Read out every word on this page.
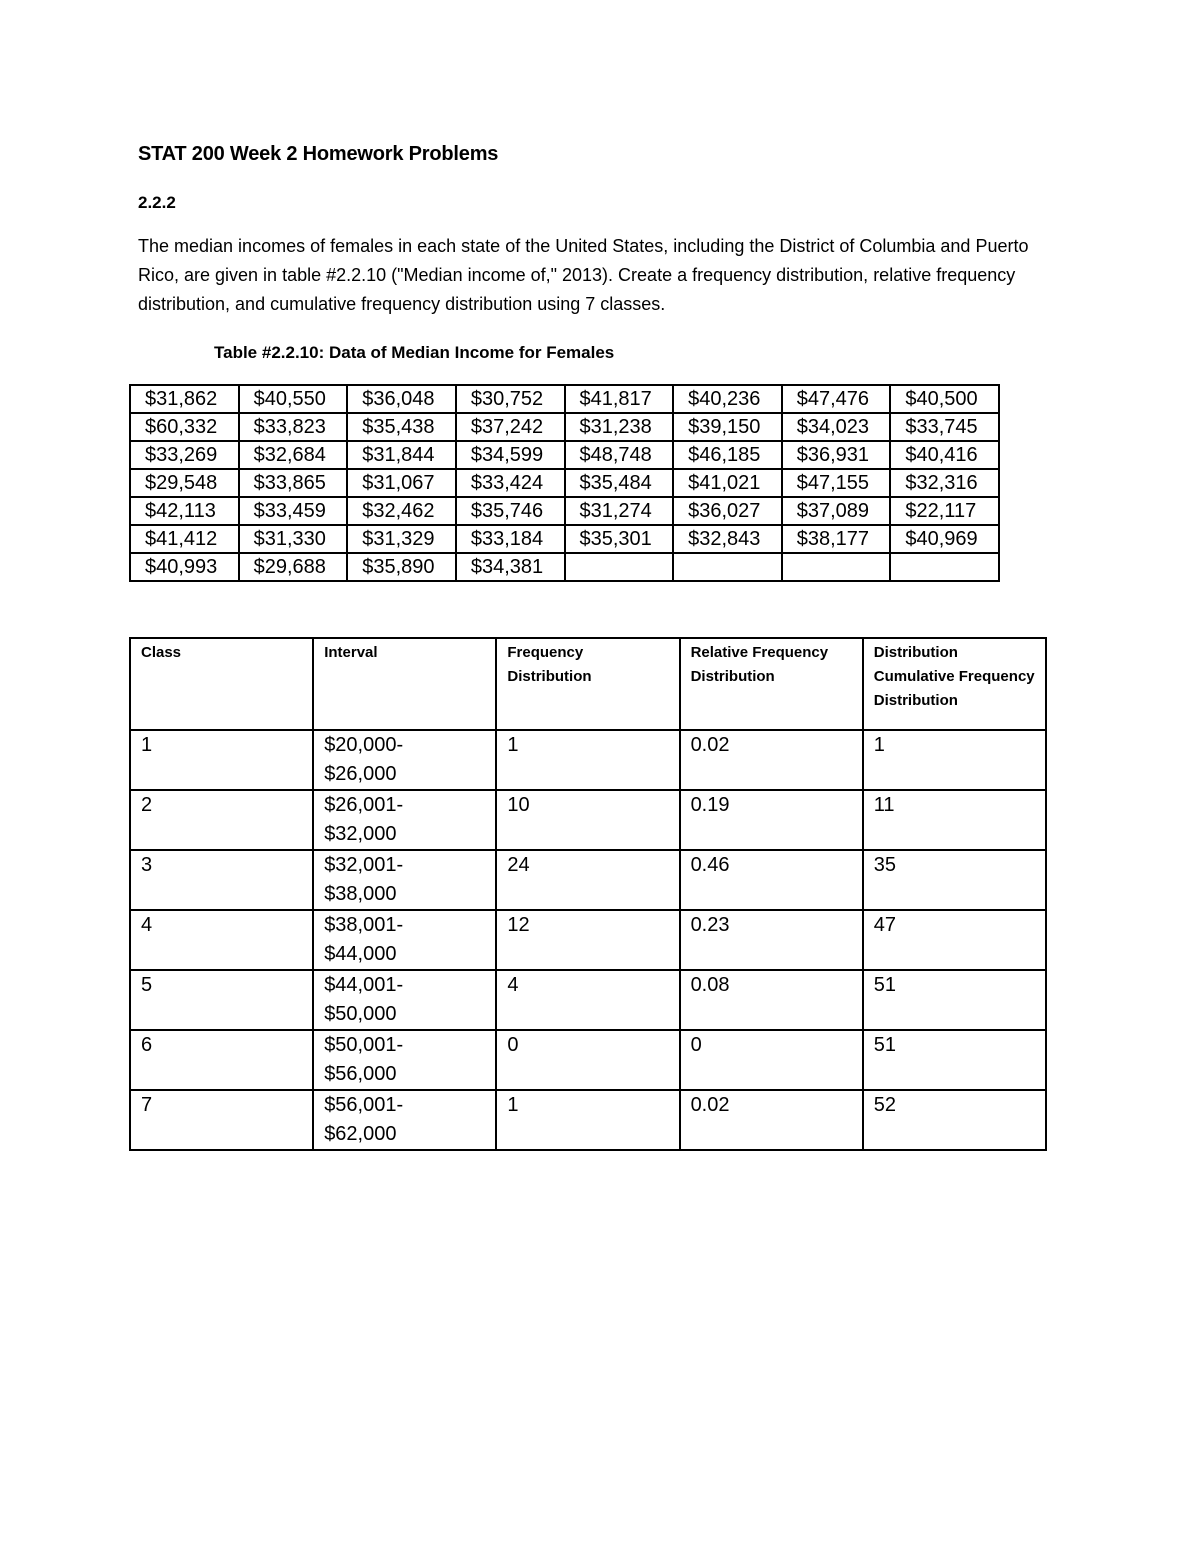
STAT 200 Week 2 Homework Problems
2.2.2
The median incomes of females in each state of the United States, including the District of Columbia and Puerto Rico, are given in table #2.2.10 ("Median income of," 2013). Create a frequency distribution, relative frequency distribution, and cumulative frequency distribution using 7 classes.
Table #2.2.10: Data of Median Income for Females
$31,862	$40,550	$36,048	$30,752	$41,817	$40,236	$47,476	$40,500
$60,332	$33,823	$35,438	$37,242	$31,238	$39,150	$34,023	$33,745
$33,269	$32,684	$31,844	$34,599	$48,748	$46,185	$36,931	$40,416
$29,548	$33,865	$31,067	$33,424	$35,484	$41,021	$47,155	$32,316
$42,113	$33,459	$32,462	$35,746	$31,274	$36,027	$37,089	$22,117
$41,412	$31,330	$31,329	$33,184	$35,301	$32,843	$38,177	$40,969
$40,993	$29,688	$35,890	$34,381				
Class	Interval	Frequency Distribution	Relative Frequency Distribution	Distribution Cumulative Frequency Distribution
1	$20,000-
$26,000	1	0.02	1
2	$26,001-
$32,000	10	0.19	11
3	$32,001-
$38,000	24	0.46	35
4	$38,001-
$44,000	12	0.23	47
5	$44,001-
$50,000	4	0.08	51
6	$50,001-
$56,000	0	0	51
7	$56,001-
$62,000	1	0.02	52
